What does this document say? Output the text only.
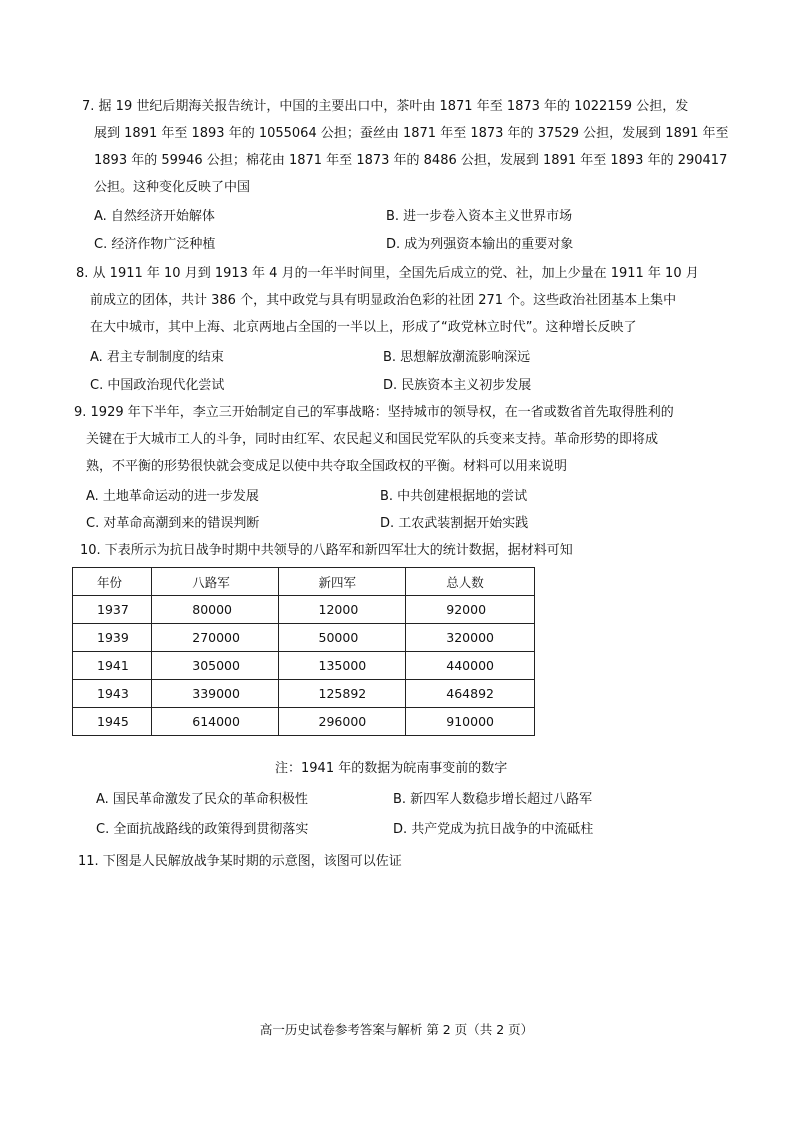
7. 据 19 世纪后期海关报告统计，中国的主要出口中，茶叶由 1871 年至 1873 年的 1022159 公担，发
展到 1891 年至 1893 年的 1055064 公担；蚕丝由 1871 年至 1873 年的 37529 公担，发展到 1891 年至
1893 年的 59946 公担；棉花由 1871 年至 1873 年的 8486 公担，发展到 1891 年至 1893 年的 290417
公担。这种变化反映了中国
A. 自然经济开始解体	B. 进一步卷入资本主义世界市场
C. 经济作物广泛种植	D. 成为列强资本输出的重要对象
8. 从 1911 年 10 月到 1913 年 4 月的一年半时间里，全国先后成立的党、社，加上少量在 1911 年 10 月
前成立的团体，共计 386 个，其中政党与具有明显政治色彩的社团 271 个。这些政治社团基本上集中
在大中城市，其中上海、北京两地占全国的一半以上，形成了“政党林立时代”。这种增长反映了
A. 君主专制制度的结束	B. 思想解放潮流影响深远
C. 中国政治现代化尝试	D. 民族资本主义初步发展
9. 1929 年下半年，李立三开始制定自己的军事战略：坚持城市的领导权，在一省或数省首先取得胜利的
关键在于大城市工人的斗争，同时由红军、农民起义和国民党军队的兵变来支持。革命形势的即将成
熟，不平衡的形势很快就会变成足以使中共夺取全国政权的平衡。材料可以用来说明
A. 土地革命运动的进一步发展	B. 中共创建根据地的尝试
C. 对革命高潮到来的错误判断	D. 工农武装割据开始实践
10. 下表所示为抗日战争时期中共领导的八路军和新四军壮大的统计数据，据材料可知
年份	八路军	新四军	总人数
1937	80000	12000	92000
1939	270000	50000	320000
1941	305000	135000	440000
1943	339000	125892	464892
1945	614000	296000	910000
注：1941 年的数据为皖南事变前的数字
A. 国民革命激发了民众的革命积极性	B. 新四军人数稳步增长超过八路军
C. 全面抗战路线的政策得到贯彻落实	D. 共产党成为抗日战争的中流砥柱
11. 下图是人民解放战争某时期的示意图，该图可以佐证
高一历史试卷参考答案与解析 第 2 页（共 2 页）
